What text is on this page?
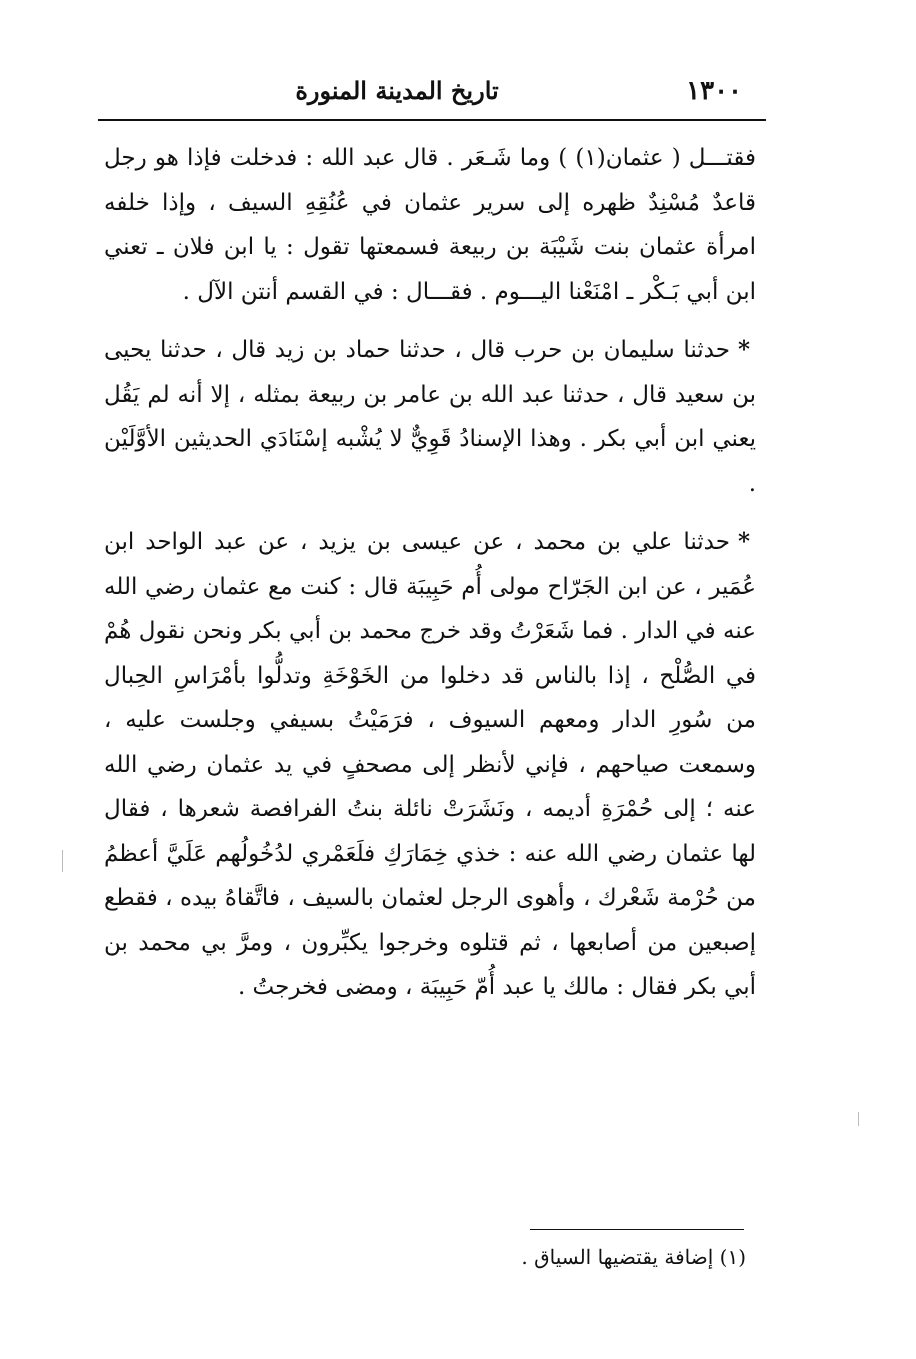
١٣٠٠
تاريخ المدينة المنورة

فقتـــل ( عثمان(١) ) وما شَـعَر . قال عبد الله : فدخلت فإذا هو رجل قاعدٌ مُسْنِدٌ ظهره إلى سرير عثمان في عُنُقِهِ السيف ، وإذا خلفه امرأة عثمان بنت شَيْبَة بن ربيعة فسمعتها تقول : يا ابن فلان ـ تعني ابن أبي بَـكْر ـ امْنَعْنا اليـــوم . فقـــال : في القسم أنتن الآل .

*حدثنا سليمان بن حرب قال ، حدثنا حماد بن زيد قال ، حدثنا يحيى بن سعيد قال ، حدثنا عبد الله بن عامر بن ربيعة بمثله ، إلا أنه لم يَقُل يعني ابن أبي بكر . وهذا الإسنادُ قَوِيٌّ لا يُشْبه إسْنَادَي الحديثين الأوَّلَيْن .

*حدثنا علي بن محمد ، عن عيسى بن يزيد ، عن عبد الواحد ابن عُمَير ، عن ابن الجَرّاح مولى أُم حَبِيبَة قال : كنت مع عثمان رضي الله عنه في الدار . فما شَعَرْتُ وقد خرج محمد بن أبي بكر ونحن نقول هُمْ في الصُّلْح ، إذا بالناس قد دخلوا من الخَوْخَةِ وتدلُّوا بأمْرَاسِ الحِبال من سُورِ الدار ومعهم السيوف ، فرَمَيْتُ بسيفي وجلست عليه ، وسمعت صياحهم ، فإني لأنظر إلى مصحفٍ في يد عثمان رضي الله عنه ؛ إلى حُمْرَةِ أديمه ، ونَشَرَتْ نائلة بنتُ الفرافصة شعرها ، فقال لها عثمان رضي الله عنه : خذي خِمَارَكِ فلَعَمْري لدُخُولُهم عَلَيَّ أعظمُ من حُرْمة شَعْرك ، وأهوى الرجل لعثمان بالسيف ، فاتَّقاهُ بيده ، فقطع إصبعين من أصابعها ، ثم قتلوه وخرجوا يكبِّرون ، ومرَّ بي محمد بن أبي بكر فقال : مالك يا عبد أُمّ حَبِيبَة ، ومضى فخرجتُ .

(١) إضافة يقتضيها السياق .
